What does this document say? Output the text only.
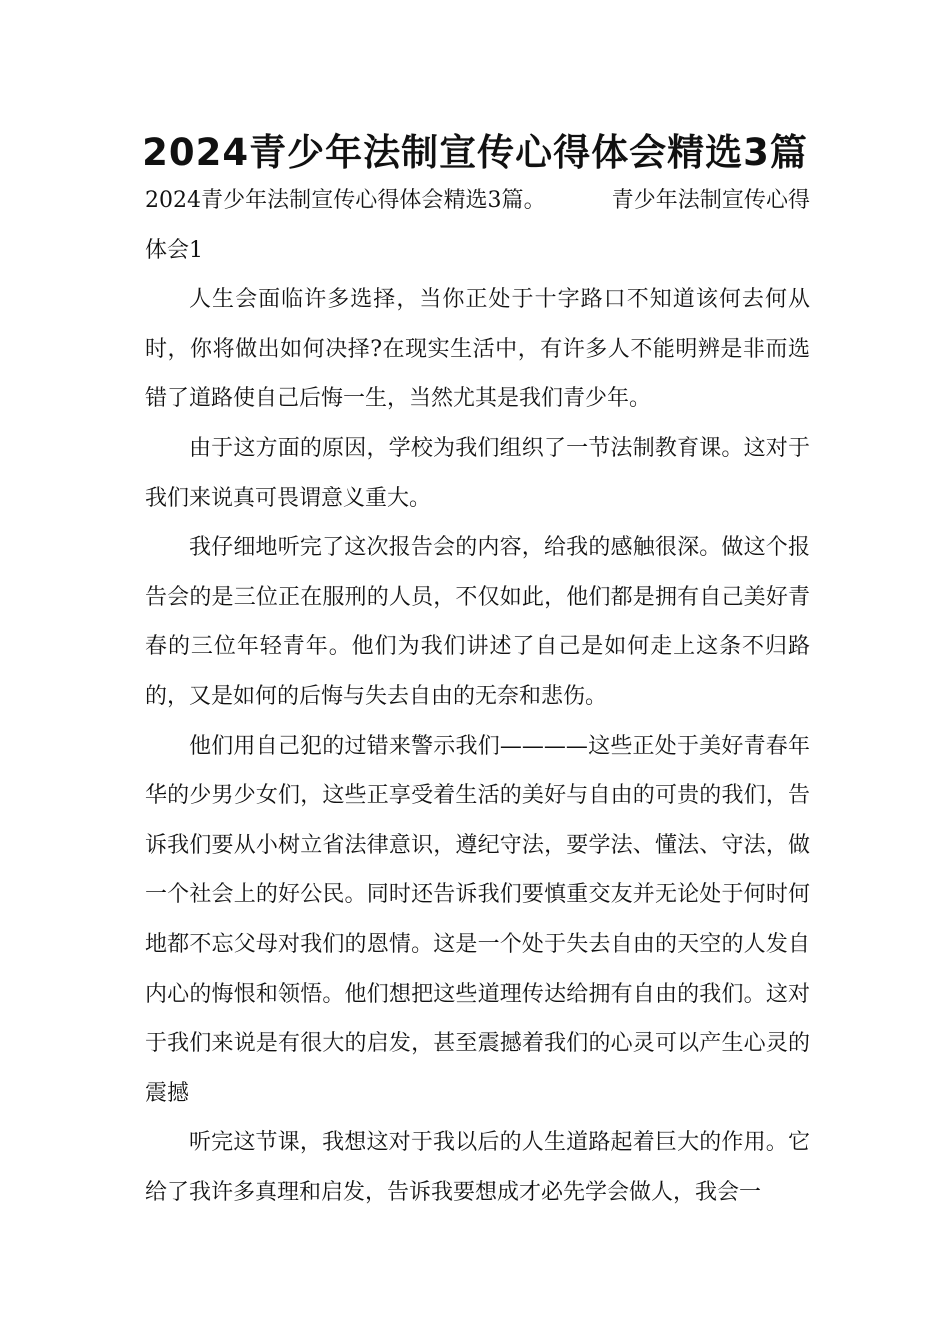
2024青少年法制宣传心得体会精选3篇

2024青少年法制宣传心得体会精选3篇。	青少年法制宣传心得体会1

人生会面临许多选择，当你正处于十字路口不知道该何去何从时，你将做出如何决择?在现实生活中，有许多人不能明辨是非而选错了道路使自己后悔一生，当然尤其是我们青少年。

由于这方面的原因，学校为我们组织了一节法制教育课。这对于我们来说真可畏谓意义重大。

我仔细地听完了这次报告会的内容，给我的感触很深。做这个报告会的是三位正在服刑的人员，不仅如此，他们都是拥有自己美好青春的三位年轻青年。他们为我们讲述了自己是如何走上这条不归路的，又是如何的后悔与失去自由的无奈和悲伤。

他们用自己犯的过错来警示我们————这些正处于美好青春年华的少男少女们，这些正享受着生活的美好与自由的可贵的我们，告诉我们要从小树立省法律意识，遵纪守法，要学法、懂法、守法，做一个社会上的好公民。同时还告诉我们要慎重交友并无论处于何时何地都不忘父母对我们的恩情。这是一个处于失去自由的天空的人发自内心的悔恨和领悟。他们想把这些道理传达给拥有自由的我们。这对于我们来说是有很大的启发，甚至震撼着我们的心灵可以产生心灵的震撼

听完这节课，我想这对于我以后的人生道路起着巨大的作用。它给了我许多真理和启发，告诉我要想成才必先学会做人，我会一
